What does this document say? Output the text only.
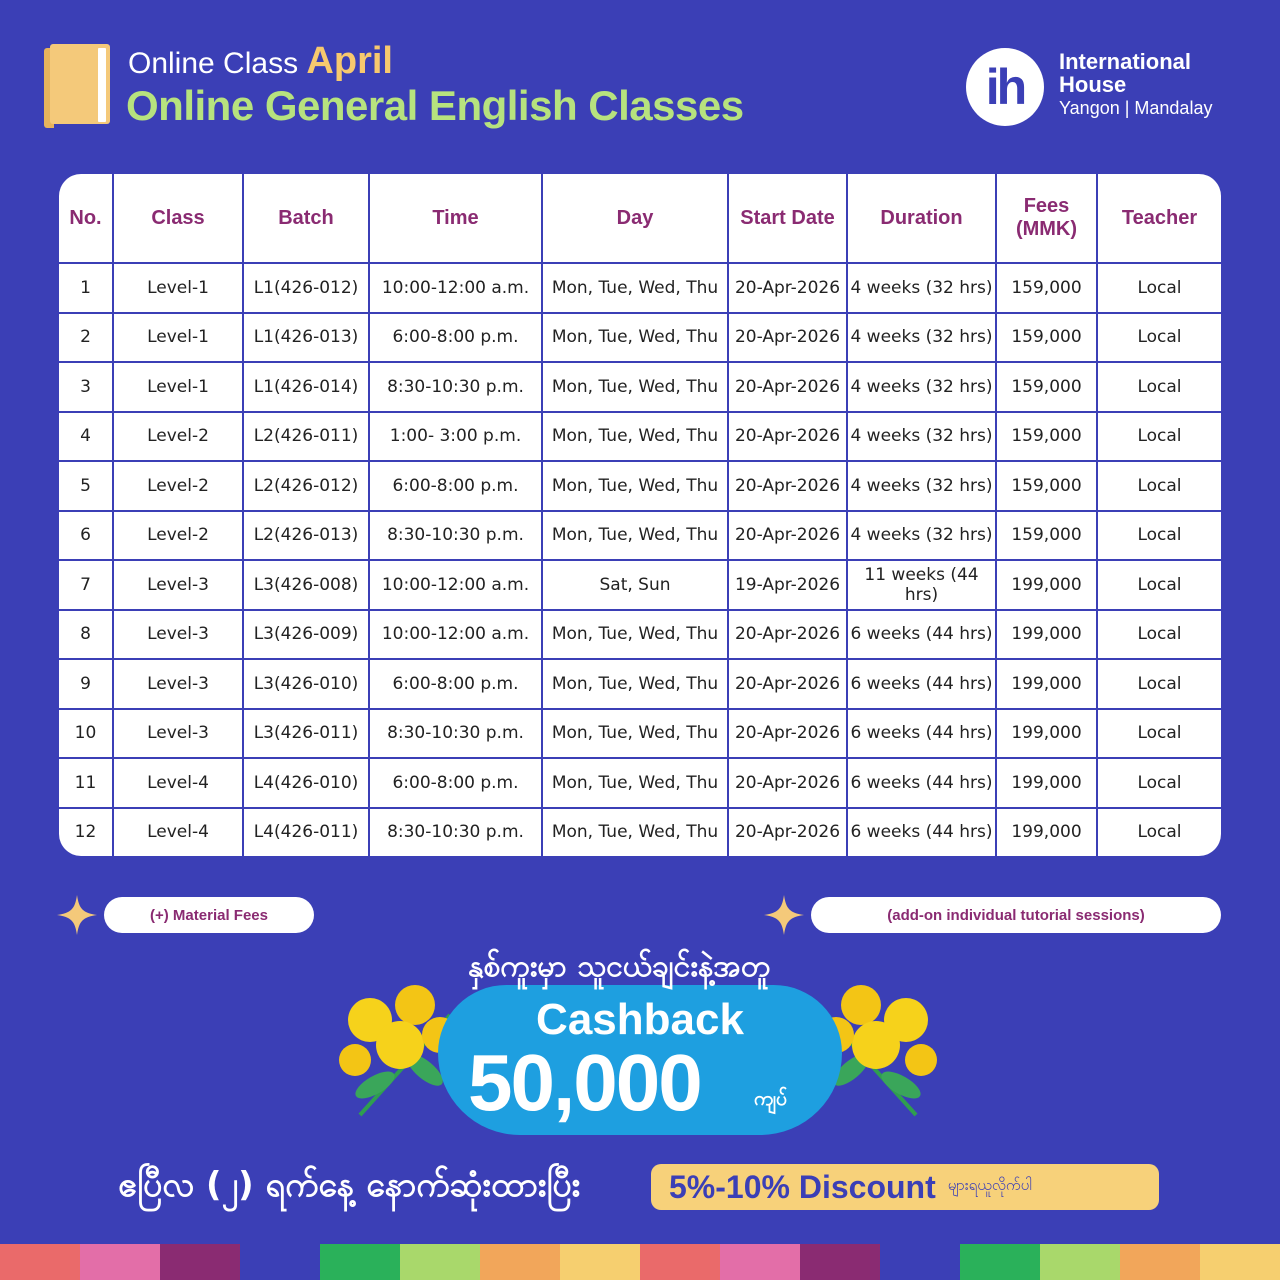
Online Class April
Online General English Classes	ih	International
House
Yangon | Mandalay
No.	Class	Batch	Time	Day	Start Date	Duration	Fees (MMK)	Teacher
1	Level-1	L1(426-012)	10:00-12:00 a.m.	Mon, Tue, Wed, Thu	20-Apr-2026	4 weeks (32 hrs)	159,000	Local
2	Level-1	L1(426-013)	6:00-8:00 p.m.	Mon, Tue, Wed, Thu	20-Apr-2026	4 weeks (32 hrs)	159,000	Local
3	Level-1	L1(426-014)	8:30-10:30 p.m.	Mon, Tue, Wed, Thu	20-Apr-2026	4 weeks (32 hrs)	159,000	Local
4	Level-2	L2(426-011)	1:00- 3:00 p.m.	Mon, Tue, Wed, Thu	20-Apr-2026	4 weeks (32 hrs)	159,000	Local
5	Level-2	L2(426-012)	6:00-8:00 p.m.	Mon, Tue, Wed, Thu	20-Apr-2026	4 weeks (32 hrs)	159,000	Local
6	Level-2	L2(426-013)	8:30-10:30 p.m.	Mon, Tue, Wed, Thu	20-Apr-2026	4 weeks (32 hrs)	159,000	Local
7	Level-3	L3(426-008)	10:00-12:00 a.m.	Sat, Sun	19-Apr-2026	11 weeks (44 hrs)	199,000	Local
8	Level-3	L3(426-009)	10:00-12:00 a.m.	Mon, Tue, Wed, Thu	20-Apr-2026	6 weeks (44 hrs)	199,000	Local
9	Level-3	L3(426-010)	6:00-8:00 p.m.	Mon, Tue, Wed, Thu	20-Apr-2026	6 weeks (44 hrs)	199,000	Local
10	Level-3	L3(426-011)	8:30-10:30 p.m.	Mon, Tue, Wed, Thu	20-Apr-2026	6 weeks (44 hrs)	199,000	Local
11	Level-4	L4(426-010)	6:00-8:00 p.m.	Mon, Tue, Wed, Thu	20-Apr-2026	6 weeks (44 hrs)	199,000	Local
12	Level-4	L4(426-011)	8:30-10:30 p.m.	Mon, Tue, Wed, Thu	20-Apr-2026	6 weeks (44 hrs)	199,000	Local
(+) Material Fees	(add-on individual tutorial sessions)
Cashback
50,000	ကျပ်
နှစ်ကူးမှာ သူငယ်ချင်းနဲ့အတူ
ဧပြီလ (၂) ရက်နေ့ နောက်ဆုံးထားပြီး	5%-10% Discount များရယူလိုက်ပါ
